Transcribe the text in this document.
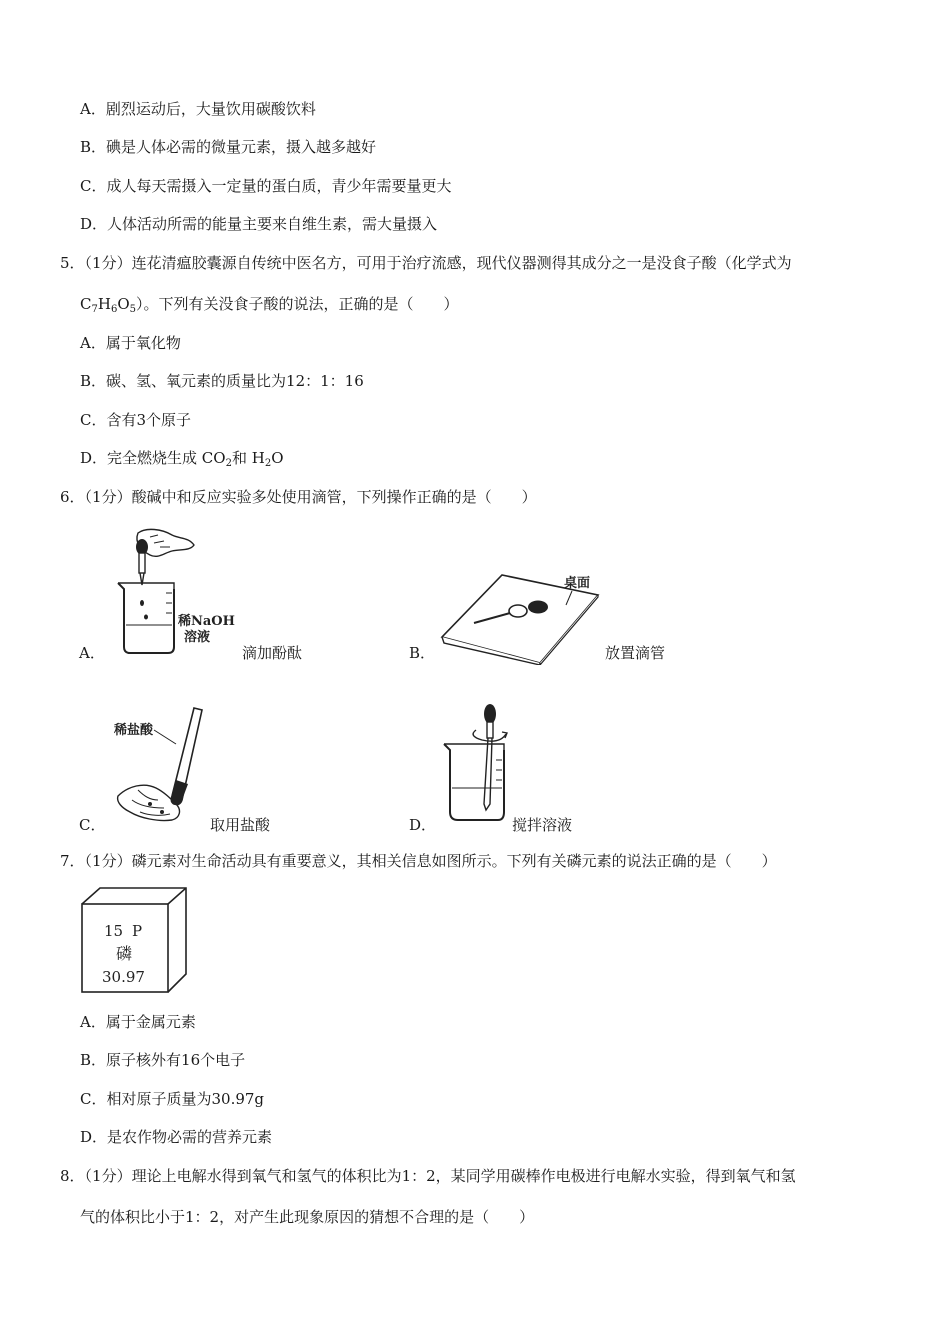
A．剧烈运动后，大量饮用碳酸饮料
B．碘是人体必需的微量元素，摄入越多越好
C．成人每天需摄入一定量的蛋白质，青少年需要量更大
D．人体活动所需的能量主要来自维生素，需大量摄入
5．（1分）连花清瘟胶囊源自传统中医名方，可用于治疗流感，现代仪器测得其成分之一是没食子酸（化学式为
$C_7H_6O_5$）。下列有关没食子酸的说法，正确的是（　　）
A．属于氧化物
B．碳、氢、氧元素的质量比为12：1：16
C．含有3个原子
D．完全燃烧生成 $CO_2$和 $H_2O$
6．（1分）酸碱中和反应实验多处使用滴管，下列操作正确的是（　　）
稀NaOH
溶液
A．	滴加酚酞
桌面
B．	放置滴管
稀盐酸
C．	取用盐酸	D．	搅拌溶液
7．（1分）磷元素对生命活动具有重要意义，其相关信息如图所示。下列有关磷元素的说法正确的是（　　）
15 P
磷
30.97
A．属于金属元素
B．原子核外有16个电子
C．相对原子质量为30.97g
D．是农作物必需的营养元素
8．（1分）理论上电解水得到氧气和氢气的体积比为1：2，某同学用碳棒作电极进行电解水实验，得到氧气和氢
气的体积比小于1：2，对产生此现象原因的猜想不合理的是（　　）
